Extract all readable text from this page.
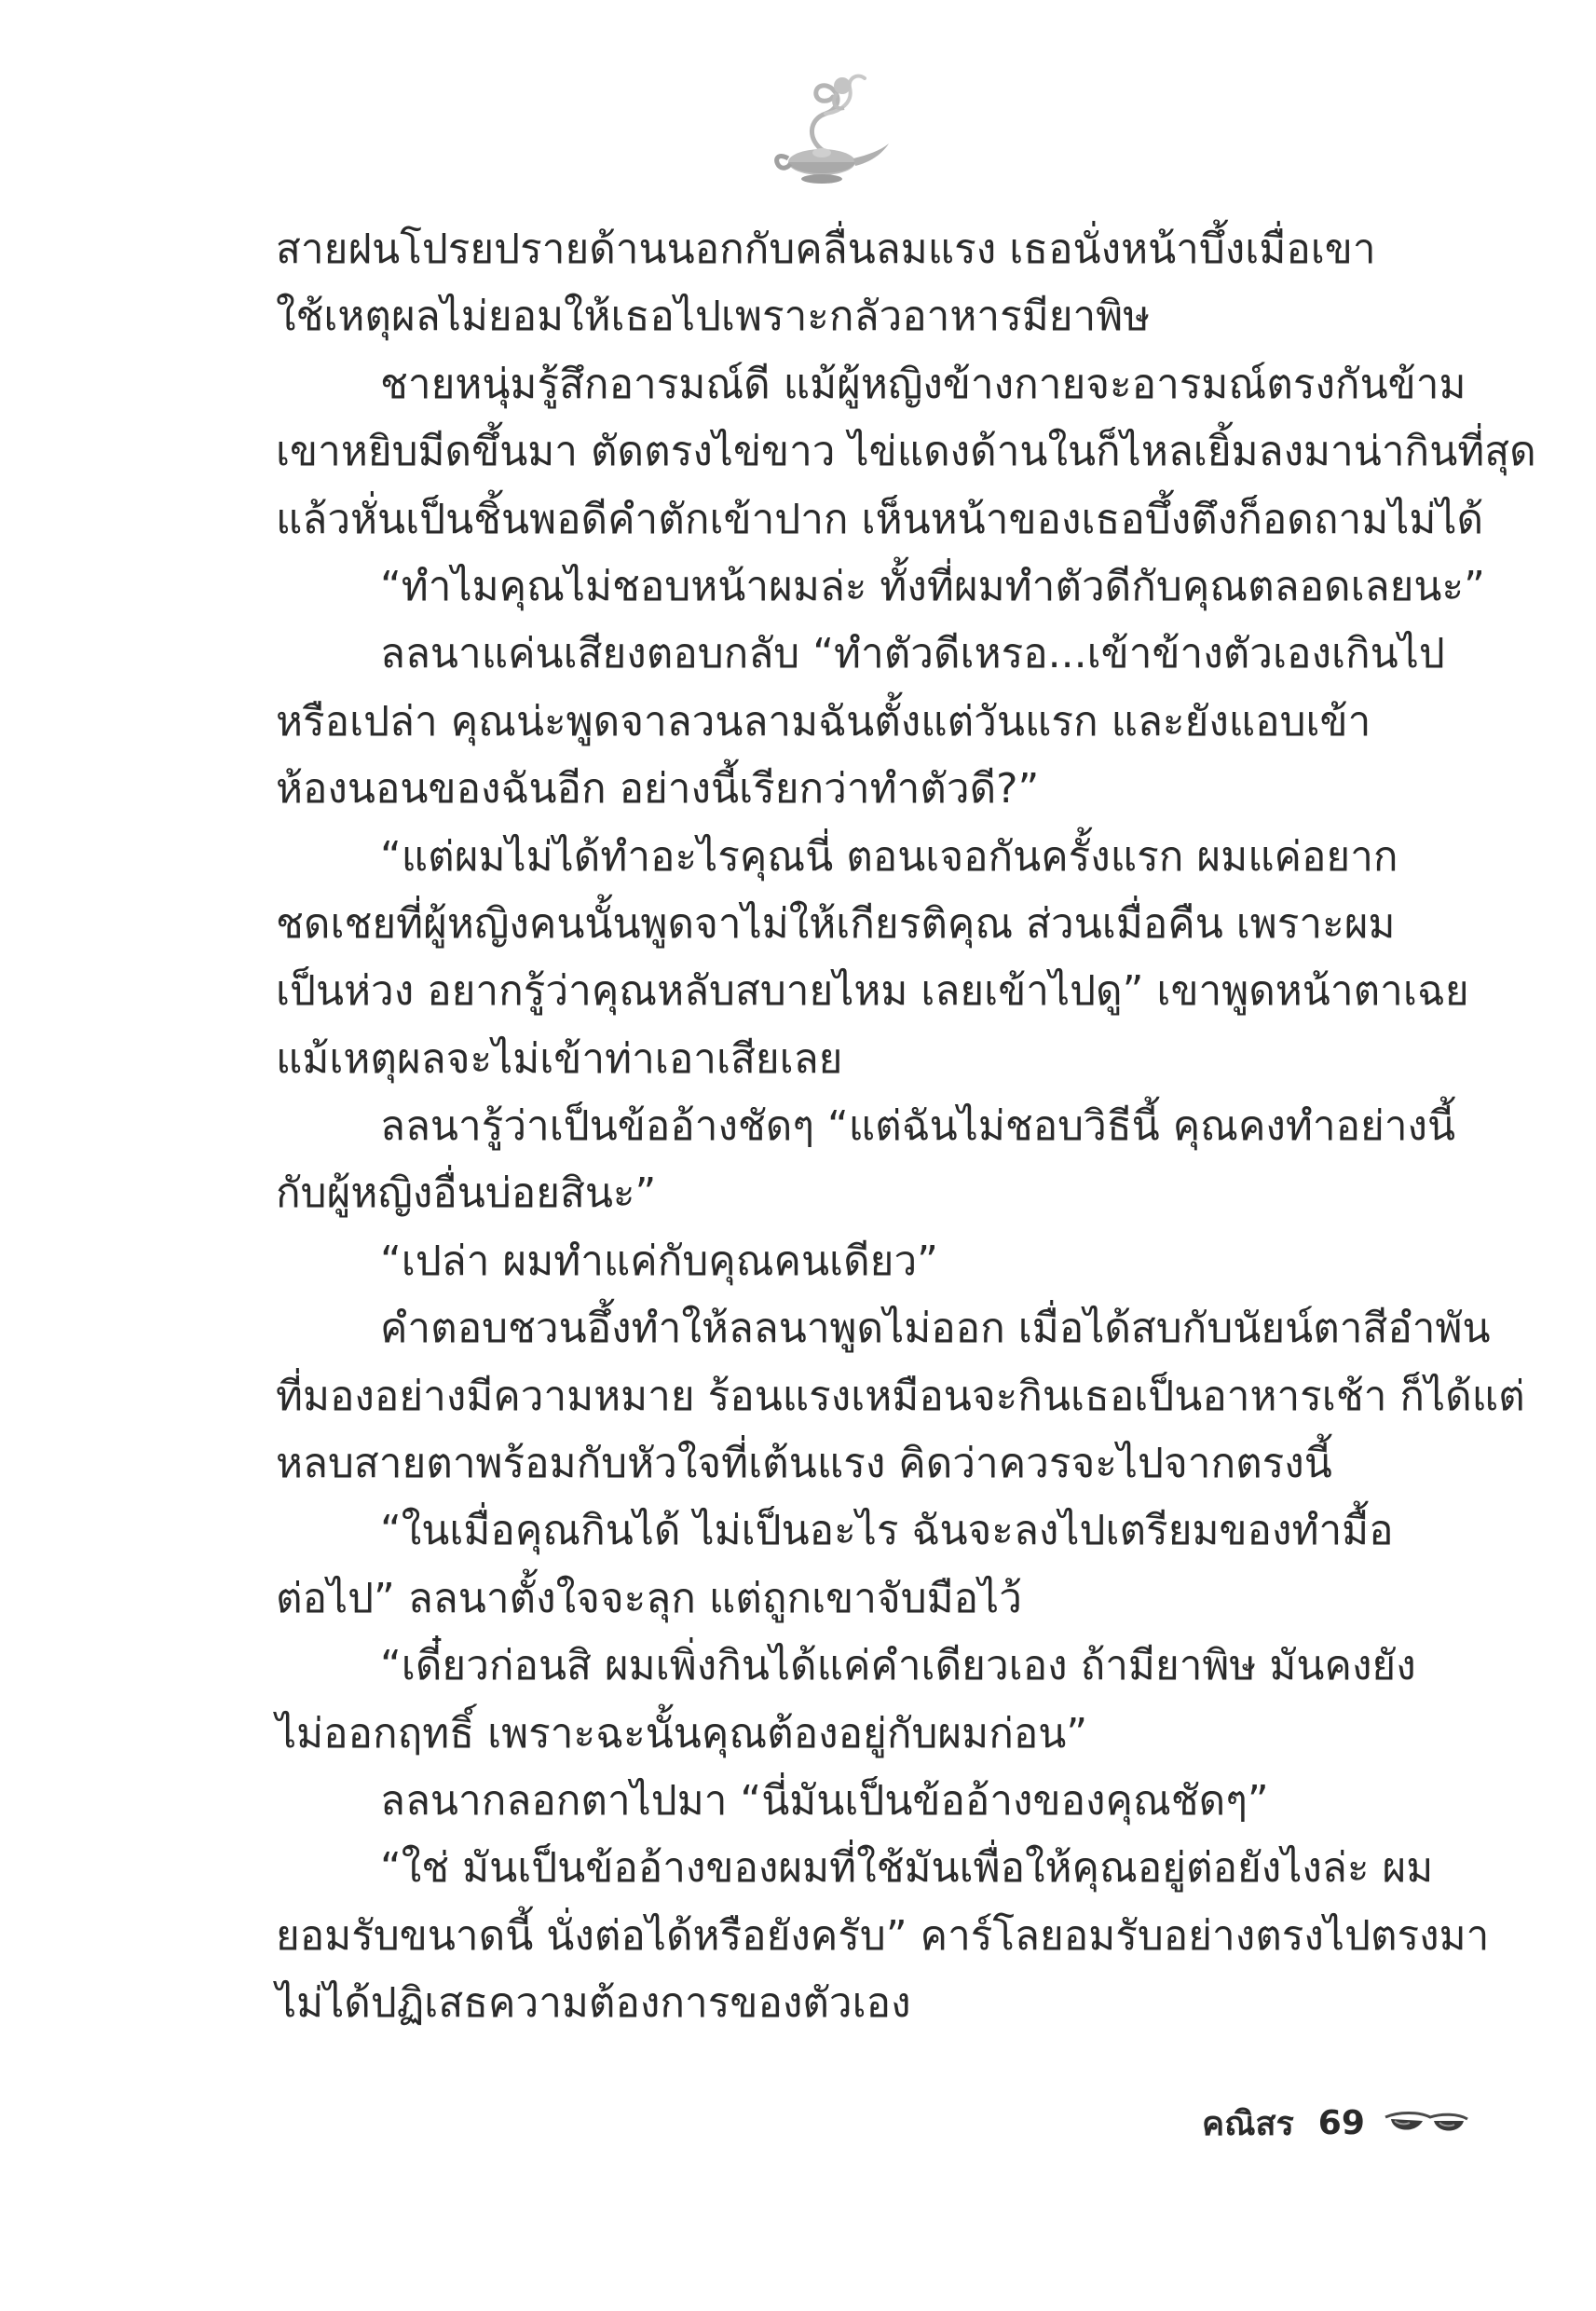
สายฝนโปรยปรายด้านนอกกับคลื่นลมแรง เธอนั่งหน้าบึ้งเมื่อเขา
ใช้เหตุผลไม่ยอมให้เธอไปเพราะกลัวอาหารมียาพิษ

ชายหนุ่มรู้สึกอารมณ์ดี แม้ผู้หญิงข้างกายจะอารมณ์ตรงกันข้าม
เขาหยิบมีดขึ้นมา ตัดตรงไข่ขาว ไข่แดงด้านในก็ไหลเยิ้มลงมาน่ากินที่สุด
แล้วหั่นเป็นชิ้นพอดีคำตักเข้าปาก เห็นหน้าของเธอบึ้งตึงก็อดถามไม่ได้

“ทำไมคุณไม่ชอบหน้าผมล่ะ ทั้งที่ผมทำตัวดีกับคุณตลอดเลยนะ”

ลลนาแค่นเสียงตอบกลับ “ทำตัวดีเหรอ...เข้าข้างตัวเองเกินไป
หรือเปล่า คุณน่ะพูดจาลวนลามฉันตั้งแต่วันแรก และยังแอบเข้า
ห้องนอนของฉันอีก อย่างนี้เรียกว่าทำตัวดี?”

“แต่ผมไม่ได้ทำอะไรคุณนี่ ตอนเจอกันครั้งแรก ผมแค่อยาก
ชดเชยที่ผู้หญิงคนนั้นพูดจาไม่ให้เกียรติคุณ ส่วนเมื่อคืน เพราะผม
เป็นห่วง อยากรู้ว่าคุณหลับสบายไหม เลยเข้าไปดู” เขาพูดหน้าตาเฉย
แม้เหตุผลจะไม่เข้าท่าเอาเสียเลย

ลลนารู้ว่าเป็นข้ออ้างชัดๆ “แต่ฉันไม่ชอบวิธีนี้ คุณคงทำอย่างนี้
กับผู้หญิงอื่นบ่อยสินะ”

“เปล่า ผมทำแค่กับคุณคนเดียว”

คำตอบชวนอึ้งทำให้ลลนาพูดไม่ออก เมื่อได้สบกับนัยน์ตาสีอำพัน
ที่มองอย่างมีความหมาย ร้อนแรงเหมือนจะกินเธอเป็นอาหารเช้า ก็ได้แต่
หลบสายตาพร้อมกับหัวใจที่เต้นแรง คิดว่าควรจะไปจากตรงนี้

“ในเมื่อคุณกินได้ ไม่เป็นอะไร ฉันจะลงไปเตรียมของทำมื้อ
ต่อไป” ลลนาตั้งใจจะลุก แต่ถูกเขาจับมือไว้

“เดี๋ยวก่อนสิ ผมเพิ่งกินได้แค่คำเดียวเอง ถ้ามียาพิษ มันคงยัง
ไม่ออกฤทธิ์ เพราะฉะนั้นคุณต้องอยู่กับผมก่อน”

ลลนากลอกตาไปมา “นี่มันเป็นข้ออ้างของคุณชัดๆ”

“ใช่ มันเป็นข้ออ้างของผมที่ใช้มันเพื่อให้คุณอยู่ต่อยังไงล่ะ ผม
ยอมรับขนาดนี้ นั่งต่อได้หรือยังครับ” คาร์โลยอมรับอย่างตรงไปตรงมา
ไม่ได้ปฏิเสธความต้องการของตัวเอง

คณิสร 69
